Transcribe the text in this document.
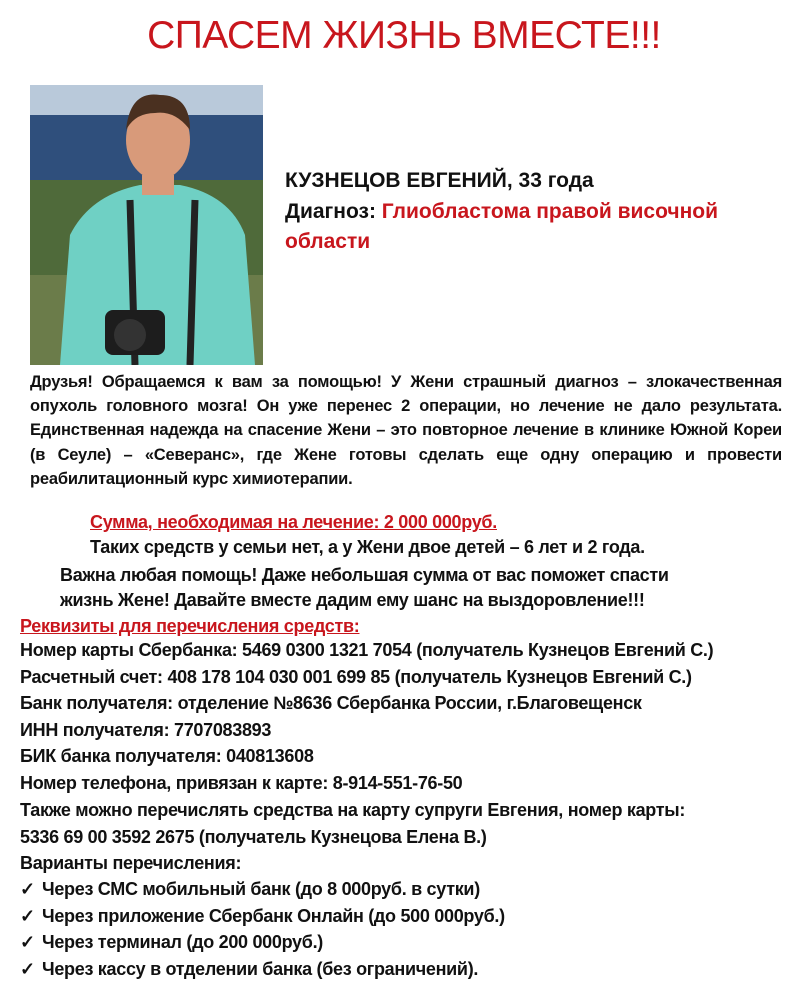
СПАСЕМ ЖИЗНЬ ВМЕСТЕ!!!
КУЗНЕЦОВ ЕВГЕНИЙ, 33 года
Диагноз: Глиобластома правой височной
области
Друзья! Обращаемся к вам за помощью! У Жени страшный диагноз – злокачественная опухоль головного мозга! Он уже перенес 2 операции, но лечение не дало результата. Единственная надежда на спасение Жени – это повторное лечение в клинике Южной Кореи (в Сеуле) – «Северанс», где Жене готовы сделать еще одну операцию и провести реабилитационный курс химиотерапии.
Сумма, необходимая на лечение: 2 000 000руб.
Таких средств у семьи нет, а у Жени двое детей – 6 лет и 2 года.
Важна любая помощь! Даже небольшая сумма от вас поможет спасти
жизнь Жене! Давайте вместе дадим ему шанс на выздоровление!!!
Реквизиты для перечисления средств:
Номер карты Сбербанка: 5469 0300 1321 7054 (получатель Кузнецов Евгений С.)
Расчетный счет: 408 178 104 030 001 699 85 (получатель Кузнецов Евгений С.)
Банк получателя: отделение №8636 Сбербанка России, г.Благовещенск
ИНН получателя: 7707083893
БИК банка получателя: 040813608
Номер телефона, привязан к карте: 8-914-551-76-50
Также можно перечислять средства на карту супруги Евгения, номер карты:
5336 69 00 3592 2675 (получатель Кузнецова Елена В.)
Варианты перечисления:
✓ Через СМС мобильный банк (до 8 000руб. в сутки)
✓ Через приложение Сбербанк Онлайн (до 500 000руб.)
✓ Через терминал (до 200 000руб.)
✓ Через кассу в отделении банка (без ограничений).
